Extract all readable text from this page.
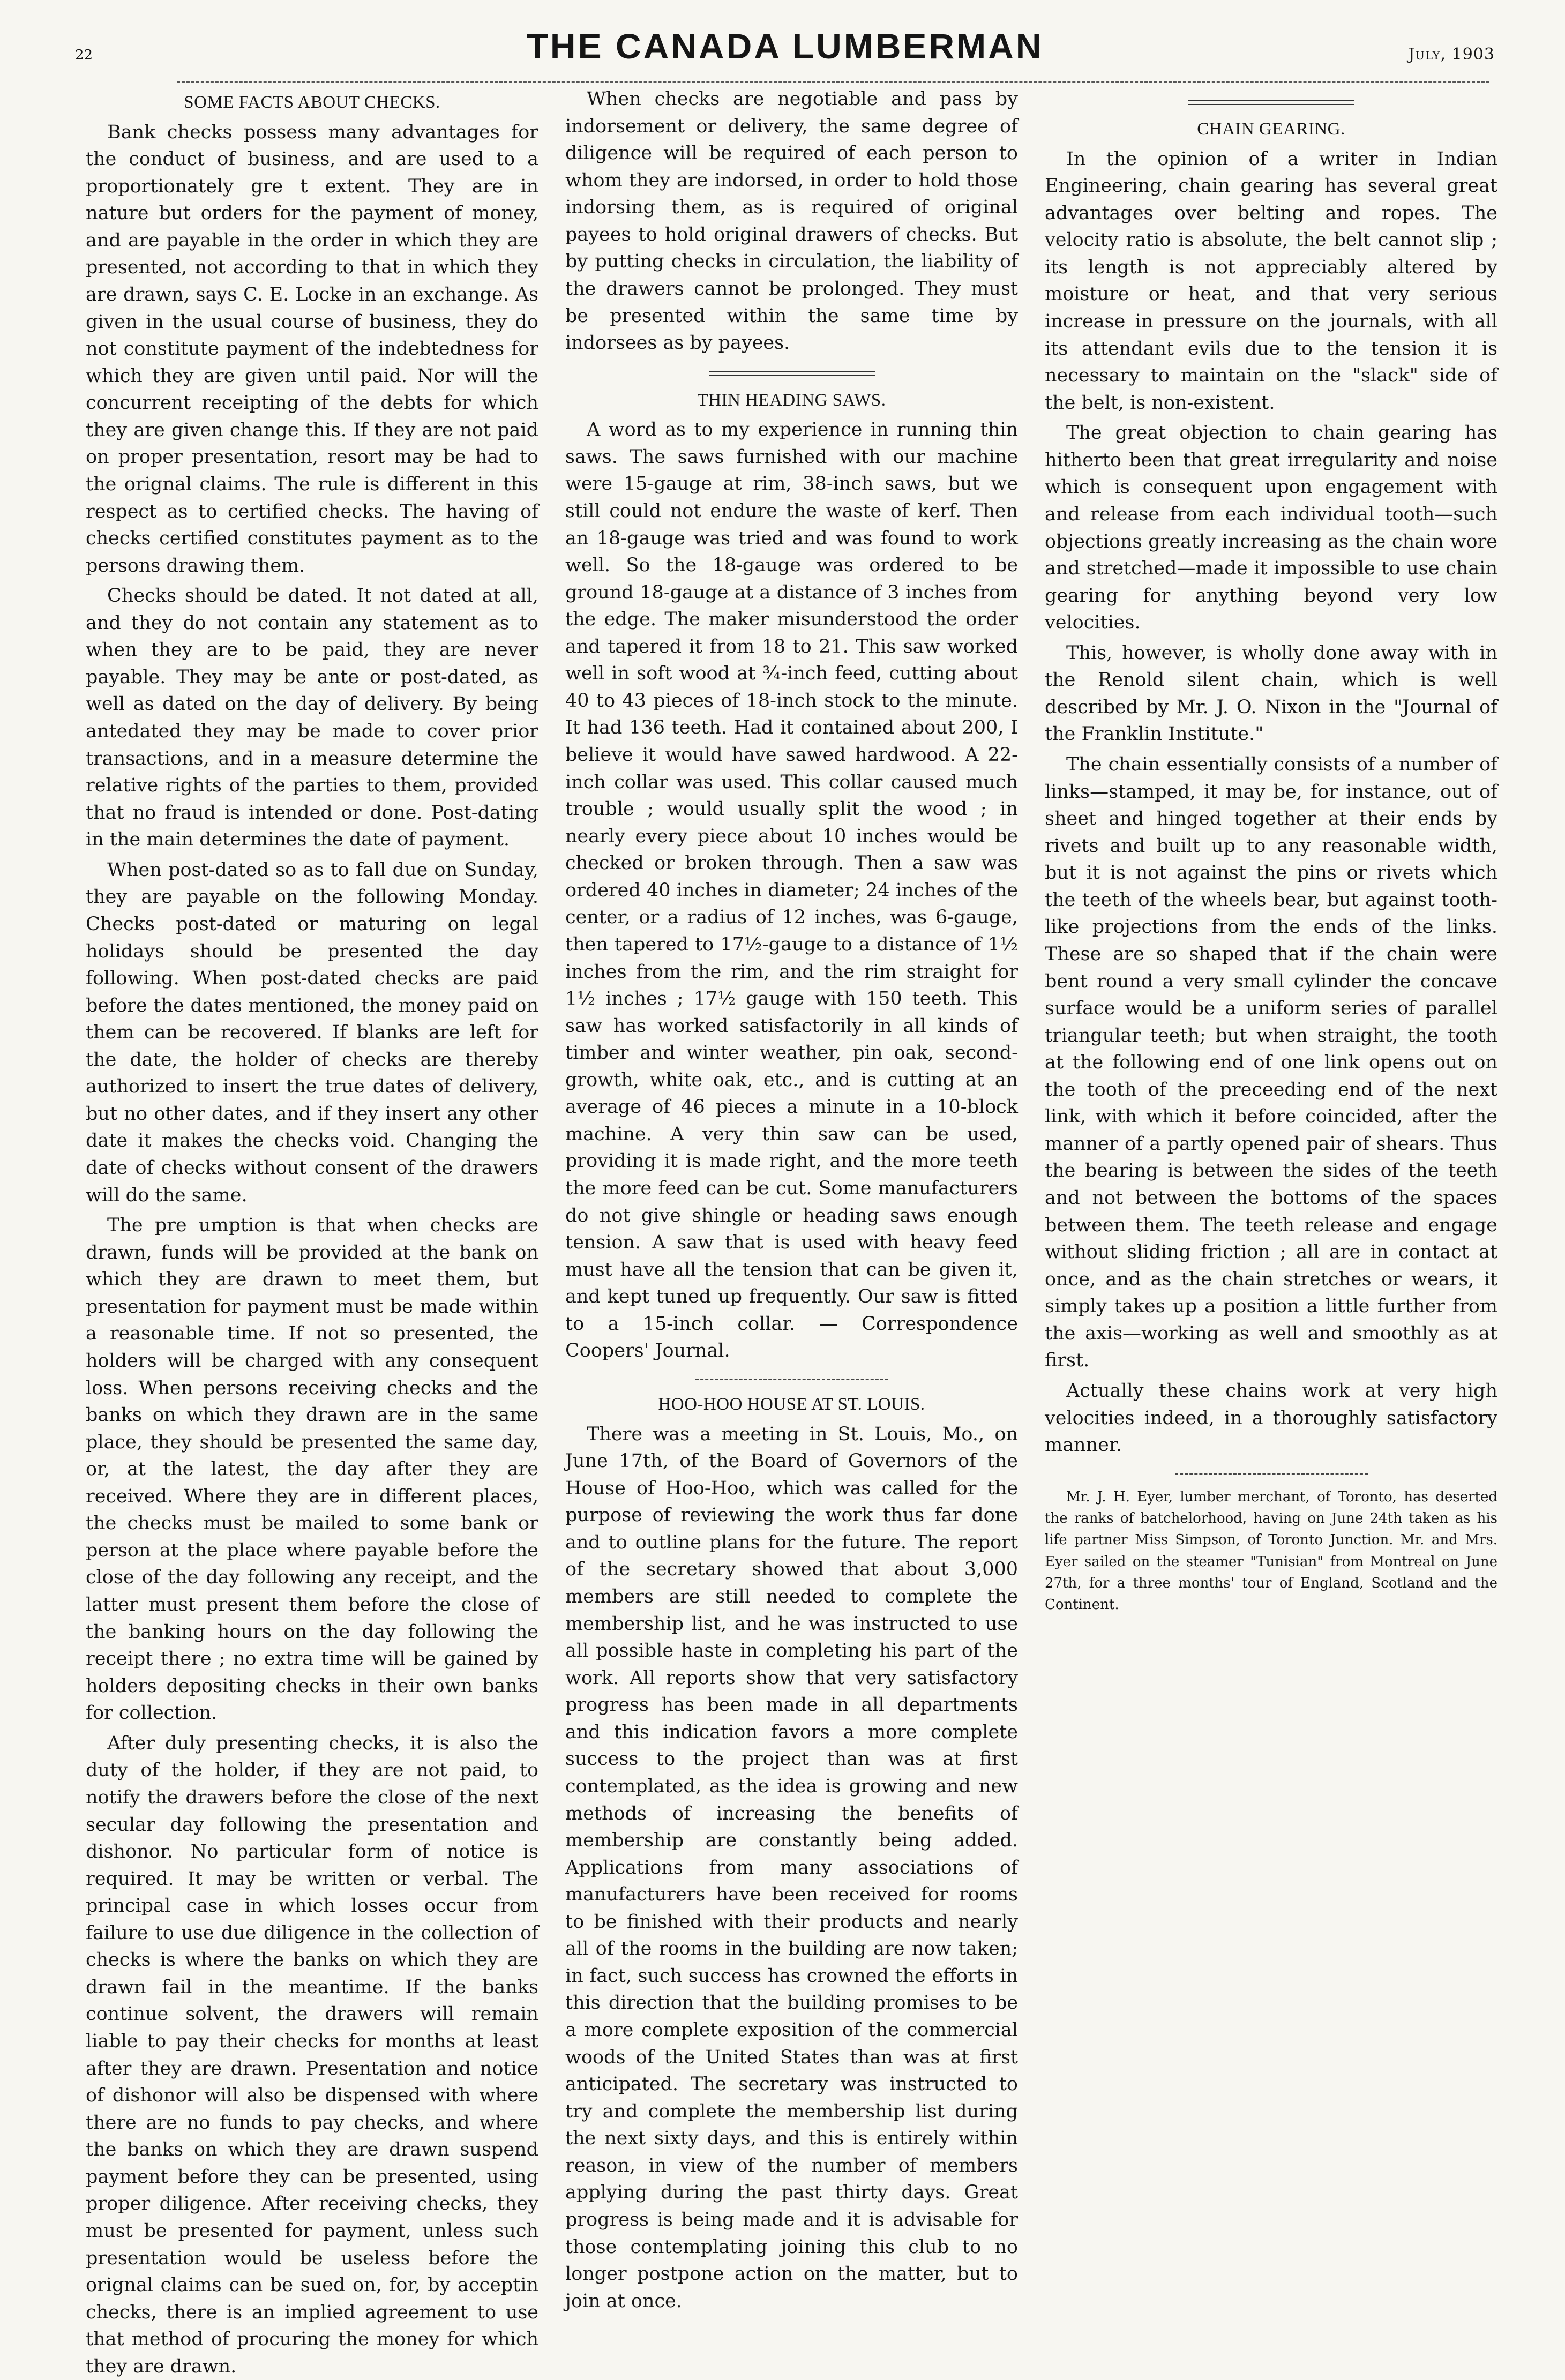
22	THE CANADA LUMBERMAN	July, 1903
SOME FACTS ABOUT CHECKS.

Bank checks possess many advantages for the conduct of business, and are used to a proportionately gre t extent. They are in nature but orders for the payment of money, and are payable in the order in which they are presented, not according to that in which they are drawn, says C. E. Locke in an exchange. As given in the usual course of business, they do not constitute payment of the indebtedness for which they are given until paid. Nor will the concurrent receipting of the debts for which they are given change this. If they are not paid on proper presentation, resort may be had to the orignal claims. The rule is different in this respect as to certified checks. The having of checks certified constitutes payment as to the persons drawing them.

Checks should be dated. It not dated at all, and they do not contain any statement as to when they are to be paid, they are never payable. They may be ante or post-dated, as well as dated on the day of delivery. By being antedated they may be made to cover prior transactions, and in a measure determine the relative rights of the parties to them, provided that no fraud is intended or done. Post-dating in the main determines the date of payment.

When post-dated so as to fall due on Sunday, they are payable on the following Monday. Checks post-dated or maturing on legal holidays should be presented the day following. When post-dated checks are paid before the dates mentioned, the money paid on them can be recovered. If blanks are left for the date, the holder of checks are thereby authorized to insert the true dates of delivery, but no other dates, and if they insert any other date it makes the checks void. Changing the date of checks without consent of the drawers will do the same.

The pre umption is that when checks are drawn, funds will be provided at the bank on which they are drawn to meet them, but presentation for payment must be made within a reasonable time. If not so presented, the holders will be charged with any consequent loss. When persons receiving checks and the banks on which they drawn are in the same place, they should be presented the same day, or, at the latest, the day after they are received. Where they are in different places, the checks must be mailed to some bank or person at the place where payable before the close of the day following any receipt, and the latter must present them before the close of the banking hours on the day following the receipt there ; no extra time will be gained by holders depositing checks in their own banks for collection.

After duly presenting checks, it is also the duty of the holder, if they are not paid, to notify the drawers before the close of the next secular day following the presentation and dishonor. No particular form of notice is required. It may be written or verbal. The principal case in which losses occur from failure to use due diligence in the collection of checks is where the banks on which they are drawn fail in the meantime. If the banks continue solvent, the drawers will remain liable to pay their checks for months at least after they are drawn. Presentation and notice of dishonor will also be dispensed with where there are no funds to pay checks, and where the banks on which they are drawn suspend payment before they can be presented, using proper diligence. After receiving checks, they must be presented for payment, unless such presentation would be useless before the orignal claims can be sued on, for, by acceptin checks, there is an implied agreement to use that method of procuring the money for which they are drawn.

When checks are negotiable and pass by indorsement or delivery, the same degree of diligence will be required of each person to whom they are indorsed, in order to hold those indorsing them, as is required of original payees to hold original drawers of checks. But by putting checks in circulation, the liability of the drawers cannot be prolonged. They must be presented within the same time by indorsees as by payees.

THIN HEADING SAWS.

A word as to my experience in running thin saws. The saws furnished with our machine were 15-gauge at rim, 38-inch saws, but we still could not endure the waste of kerf. Then an 18-gauge was tried and was found to work well. So the 18-gauge was ordered to be ground 18-gauge at a distance of 3 inches from the edge. The maker misunderstood the order and tapered it from 18 to 21. This saw worked well in soft wood at ¾-inch feed, cutting about 40 to 43 pieces of 18-inch stock to the minute. It had 136 teeth. Had it contained about 200, I believe it would have sawed hardwood. A 22-inch collar was used. This collar caused much trouble ; would usually split the wood ; in nearly every piece about 10 inches would be checked or broken through. Then a saw was ordered 40 inches in diameter; 24 inches of the center, or a radius of 12 inches, was 6-gauge, then tapered to 17½-gauge to a distance of 1½ inches from the rim, and the rim straight for 1½ inches ; 17½ gauge with 150 teeth. This saw has worked satisfactorily in all kinds of timber and winter weather, pin oak, second-growth, white oak, etc., and is cutting at an average of 46 pieces a minute in a 10-block machine. A very thin saw can be used, providing it is made right, and the more teeth the more feed can be cut. Some manufacturers do not give shingle or heading saws enough tension. A saw that is used with heavy feed must have all the tension that can be given it, and kept tuned up frequently. Our saw is fitted to a 15-inch collar. — Correspondence Coopers' Journal.

HOO-HOO HOUSE AT ST. LOUIS.

There was a meeting in St. Louis, Mo., on June 17th, of the Board of Governors of the House of Hoo-Hoo, which was called for the purpose of reviewing the work thus far done and to outline plans for the future. The report of the secretary showed that about 3,000 members are still needed to complete the membership list, and he was instructed to use all possible haste in completing his part of the work. All reports show that very satisfactory progress has been made in all departments and this indication favors a more complete success to the project than was at first contemplated, as the idea is growing and new methods of increasing the benefits of membership are constantly being added. Applications from many associations of manufacturers have been received for rooms to be finished with their products and nearly all of the rooms in the building are now taken; in fact, such success has crowned the efforts in this direction that the building promises to be a more complete exposition of the commercial woods of the United States than was at first anticipated. The secretary was instructed to try and complete the membership list during the next sixty days, and this is entirely within reason, in view of the number of members applying during the past thirty days. Great progress is being made and it is advisable for those contemplating joining this club to no longer postpone action on the matter, but to join at once.

CHAIN GEARING.

In the opinion of a writer in Indian Engineering, chain gearing has several great advantages over belting and ropes. The velocity ratio is absolute, the belt cannot slip ; its length is not appreciably altered by moisture or heat, and that very serious increase in pressure on the journals, with all its attendant evils due to the tension it is necessary to maintain on the "slack" side of the belt, is non-existent.

The great objection to chain gearing has hitherto been that great irregularity and noise which is consequent upon engagement with and release from each individual tooth—such objections greatly increasing as the chain wore and stretched—made it impossible to use chain gearing for anything beyond very low velocities.

This, however, is wholly done away with in the Renold silent chain, which is well described by Mr. J. O. Nixon in the "Journal of the Franklin Institute."

The chain essentially consists of a number of links—stamped, it may be, for instance, out of sheet and hinged together at their ends by rivets and built up to any reasonable width, but it is not against the pins or rivets which the teeth of the wheels bear, but against tooth-like projections from the ends of the links. These are so shaped that if the chain were bent round a very small cylinder the concave surface would be a uniform series of parallel triangular teeth; but when straight, the tooth at the following end of one link opens out on the tooth of the preceeding end of the next link, with which it before coincided, after the manner of a partly opened pair of shears. Thus the bearing is between the sides of the teeth and not between the bottoms of the spaces between them. The teeth release and engage without sliding friction ; all are in contact at once, and as the chain stretches or wears, it simply takes up a position a little further from the axis—working as well and smoothly as at first.

Actually these chains work at very high velocities indeed, in a thoroughly satisfactory manner.

Mr. J. H. Eyer, lumber merchant, of Toronto, has deserted the ranks of batchelorhood, having on June 24th taken as his life partner Miss Simpson, of Toronto Junction. Mr. and Mrs. Eyer sailed on the steamer "Tunisian" from Montreal on June 27th, for a three months' tour of England, Scotland and the Continent.
